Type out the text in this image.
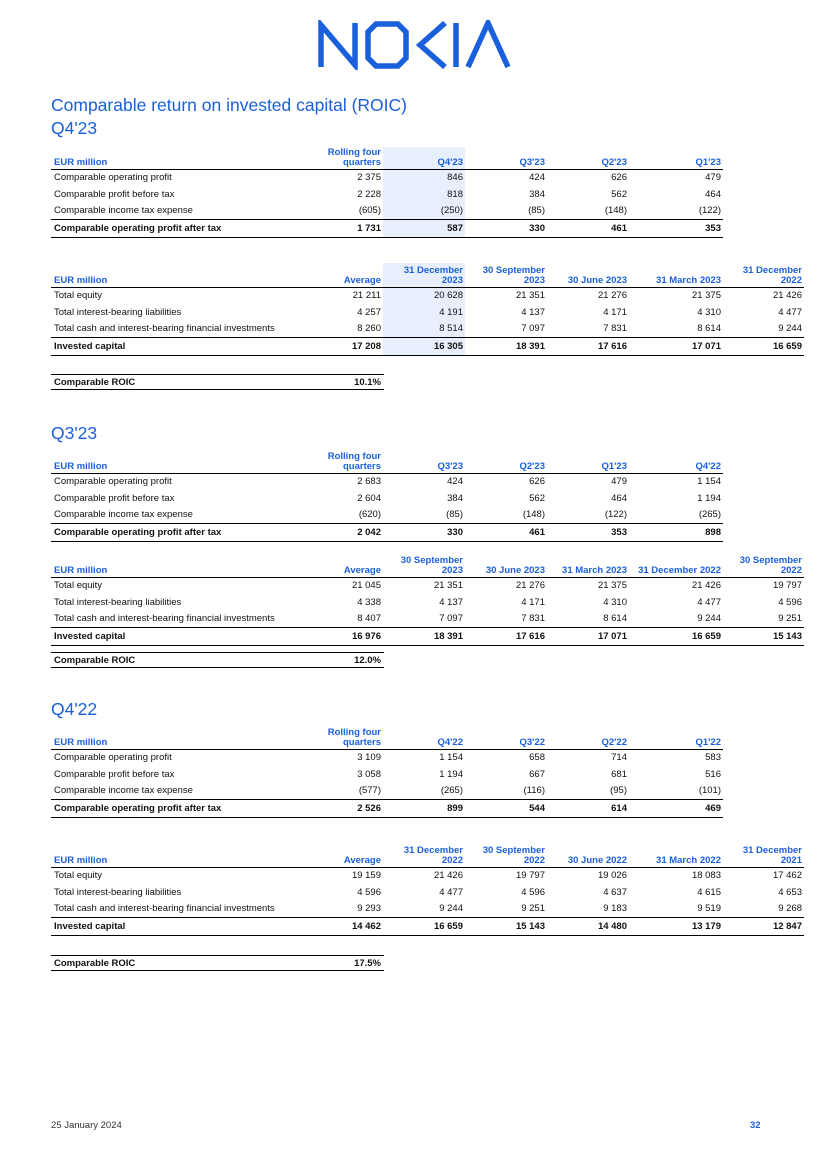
Comparable return on invested capital (ROIC)
Q4'23
EUR million	Rolling four quarters	Q4'23	Q3'23	Q2'23	Q1'23
Comparable operating profit	2 375	846	424	626	479
Comparable profit before tax	2 228	818	384	562	464
Comparable income tax expense	(605)	(250)	(85)	(148)	(122)
Comparable operating profit after tax	1 731	587	330	461	353
EUR million	Average	31 December 2023	30 September 2023	30 June 2023	31 March 2023	31 December 2022
Total equity	21 211	20 628	21 351	21 276	21 375	21 426
Total interest-bearing liabilities	4 257	4 191	4 137	4 171	4 310	4 477
Total cash and interest-bearing financial investments	8 260	8 514	7 097	7 831	8 614	9 244
Invested capital	17 208	16 305	18 391	17 616	17 071	16 659
Comparable ROIC	10.1%
Q3'23
EUR million	Rolling four quarters	Q3'23	Q2'23	Q1'23	Q4'22
Comparable operating profit	2 683	424	626	479	1 154
Comparable profit before tax	2 604	384	562	464	1 194
Comparable income tax expense	(620)	(85)	(148)	(122)	(265)
Comparable operating profit after tax	2 042	330	461	353	898
EUR million	Average	30 September 2023	30 June 2023	31 March 2023	31 December 2022	30 September 2022
Total equity	21 045	21 351	21 276	21 375	21 426	19 797
Total interest-bearing liabilities	4 338	4 137	4 171	4 310	4 477	4 596
Total cash and interest-bearing financial investments	8 407	7 097	7 831	8 614	9 244	9 251
Invested capital	16 976	18 391	17 616	17 071	16 659	15 143
Comparable ROIC	12.0%
Q4'22
EUR million	Rolling four quarters	Q4'22	Q3'22	Q2'22	Q1'22
Comparable operating profit	3 109	1 154	658	714	583
Comparable profit before tax	3 058	1 194	667	681	516
Comparable income tax expense	(577)	(265)	(116)	(95)	(101)
Comparable operating profit after tax	2 526	899	544	614	469
EUR million	Average	31 December 2022	30 September 2022	30 June 2022	31 March 2022	31 December 2021
Total equity	19 159	21 426	19 797	19 026	18 083	17 462
Total interest-bearing liabilities	4 596	4 477	4 596	4 637	4 615	4 653
Total cash and interest-bearing financial investments	9 293	9 244	9 251	9 183	9 519	9 268
Invested capital	14 462	16 659	15 143	14 480	13 179	12 847
Comparable ROIC	17.5%
25 January 2024	32
